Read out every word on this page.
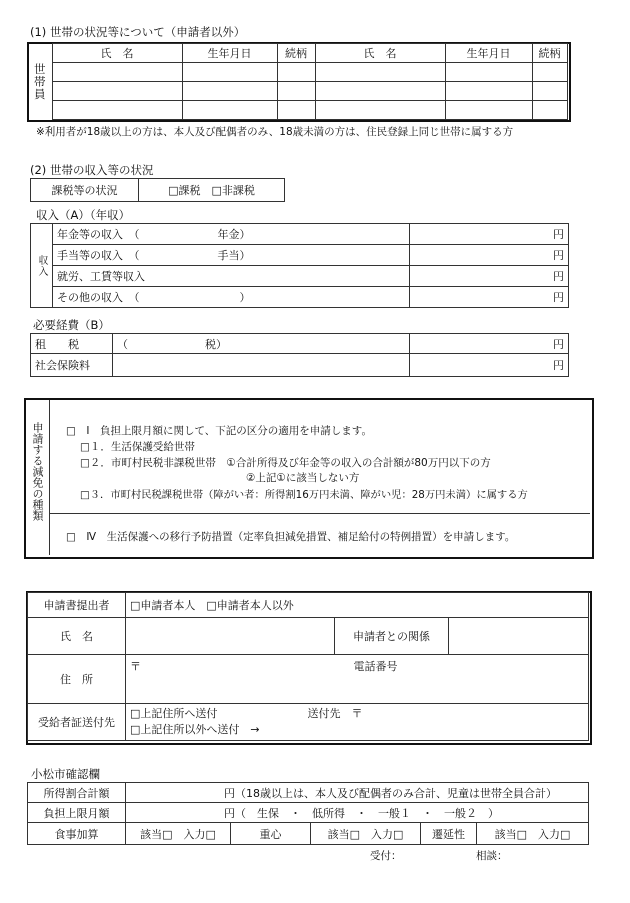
(1) 世帯の状況等について（申請者以外）
世帯員	氏　名	生年月日	続柄	氏　名	生年月日	続柄

※利用者が18歳以上の方は、本人及び配偶者のみ、18歳未満の方は、住民登録上同じ世帯に属する方
(2) 世帯の収入等の状況
課税等の状況	□課税　□非課税
収入（A）（年収）
収入	年金等の収入　（ 年金）	円
	手当等の収入　（ 手当）	円
	就労、工賃等収入	円
	その他の収入　（ ）	円
必要経費（B）
租　　税	（　　　　　　　税）	円
社会保険料		円
申請する減免の種類 □　Ⅰ　負担上限月額に関して、下記の区分の適用を申請します。
□１．生活保護受給世帯
□２．市町村民税非課税世帯　①合計所得及び年金等の収入の合計額が80万円以下の方
②上記①に該当しない方
□３．市町村民税課税世帯（障がい者：所得割16万円未満、障がい児：28万円未満）に属する方
□　Ⅳ　生活保護への移行予防措置（定率負担減免措置、補足給付の特例措置）を申請します。
申請書提出者	□申請者本人　□申請者本人以外		
氏　名		申請者との関係	
住　所	〒 電話番号		

受給者証送付先	□上記住所へ送付 送付先　〒
□上記住所以外へ送付　→		
小松市確認欄
所得割合計額	円（18歳以上は、本人及び配偶者のみ合計、児童は世帯全員合計）				
負担上限月額	円（　生保　・　低所得　・　一般１　・　一般２　）				
食事加算	該当□　入力□	重心	該当□　入力□	遷延性	該当□　入力□
受付：	相談：
